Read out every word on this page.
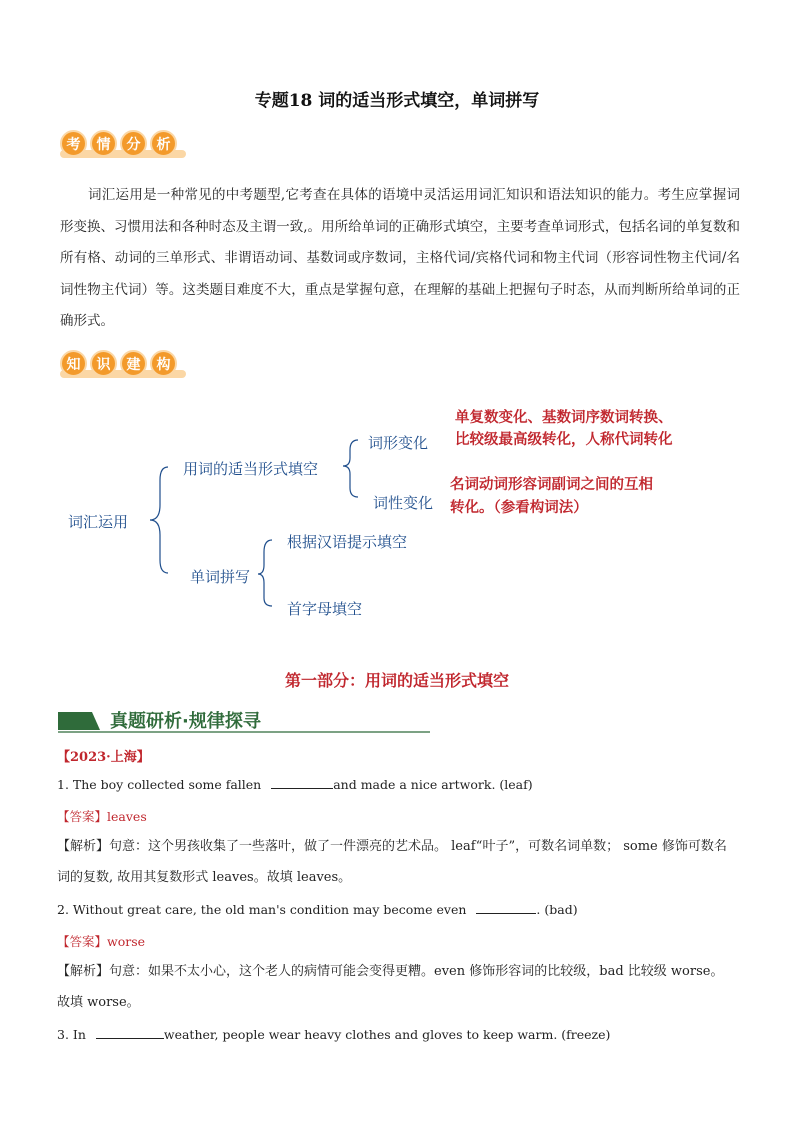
专题18 词的适当形式填空，单词拼写
考	情	分	析
词汇运用是一种常见的中考题型,它考查在具体的语境中灵活运用词汇知识和语法知识的能力。考生应掌握词形变换、习惯用法和各种时态及主谓一致,。用所给单词的正确形式填空，主要考查单词形式，包括名词的单复数和所有格、动词的三单形式、非谓语动词、基数词或序数词，主格代词/宾格代词和物主代词（形容词性物主代词/名词性物主代词）等。这类题目难度不大，重点是掌握句意，在理解的基础上把握句子时态，从而判断所给单词的正确形式。
知	识	建	构
词汇运用
用词的适当形式填空
词形变化
词性变化
单复数变化、基数词序数词转换、
比较级最高级转化，人称代词转化
名词动词形容词副词之间的互相
转化。（参看构词法）
单词拼写
根据汉语提示填空
首字母填空
第一部分：用词的适当形式填空
真题研析·规律探寻
【2023·上海】
1. The boy collected some fallen	and made a nice artwork. (leaf)
【答案】leaves
【解析】句意：这个男孩收集了一些落叶，做了一件漂亮的艺术品。 leaf“叶子”，可数名词单数； some 修饰可数名词的复数, 故用其复数形式 leaves。故填 leaves。
2. Without great care, the old man's condition may become even	. (bad)
【答案】worse
【解析】句意：如果不太小心，这个老人的病情可能会变得更糟。even 修饰形容词的比较级，bad 比较级 worse。 故填 worse。
3. In	weather, people wear heavy clothes and gloves to keep warm. (freeze)
